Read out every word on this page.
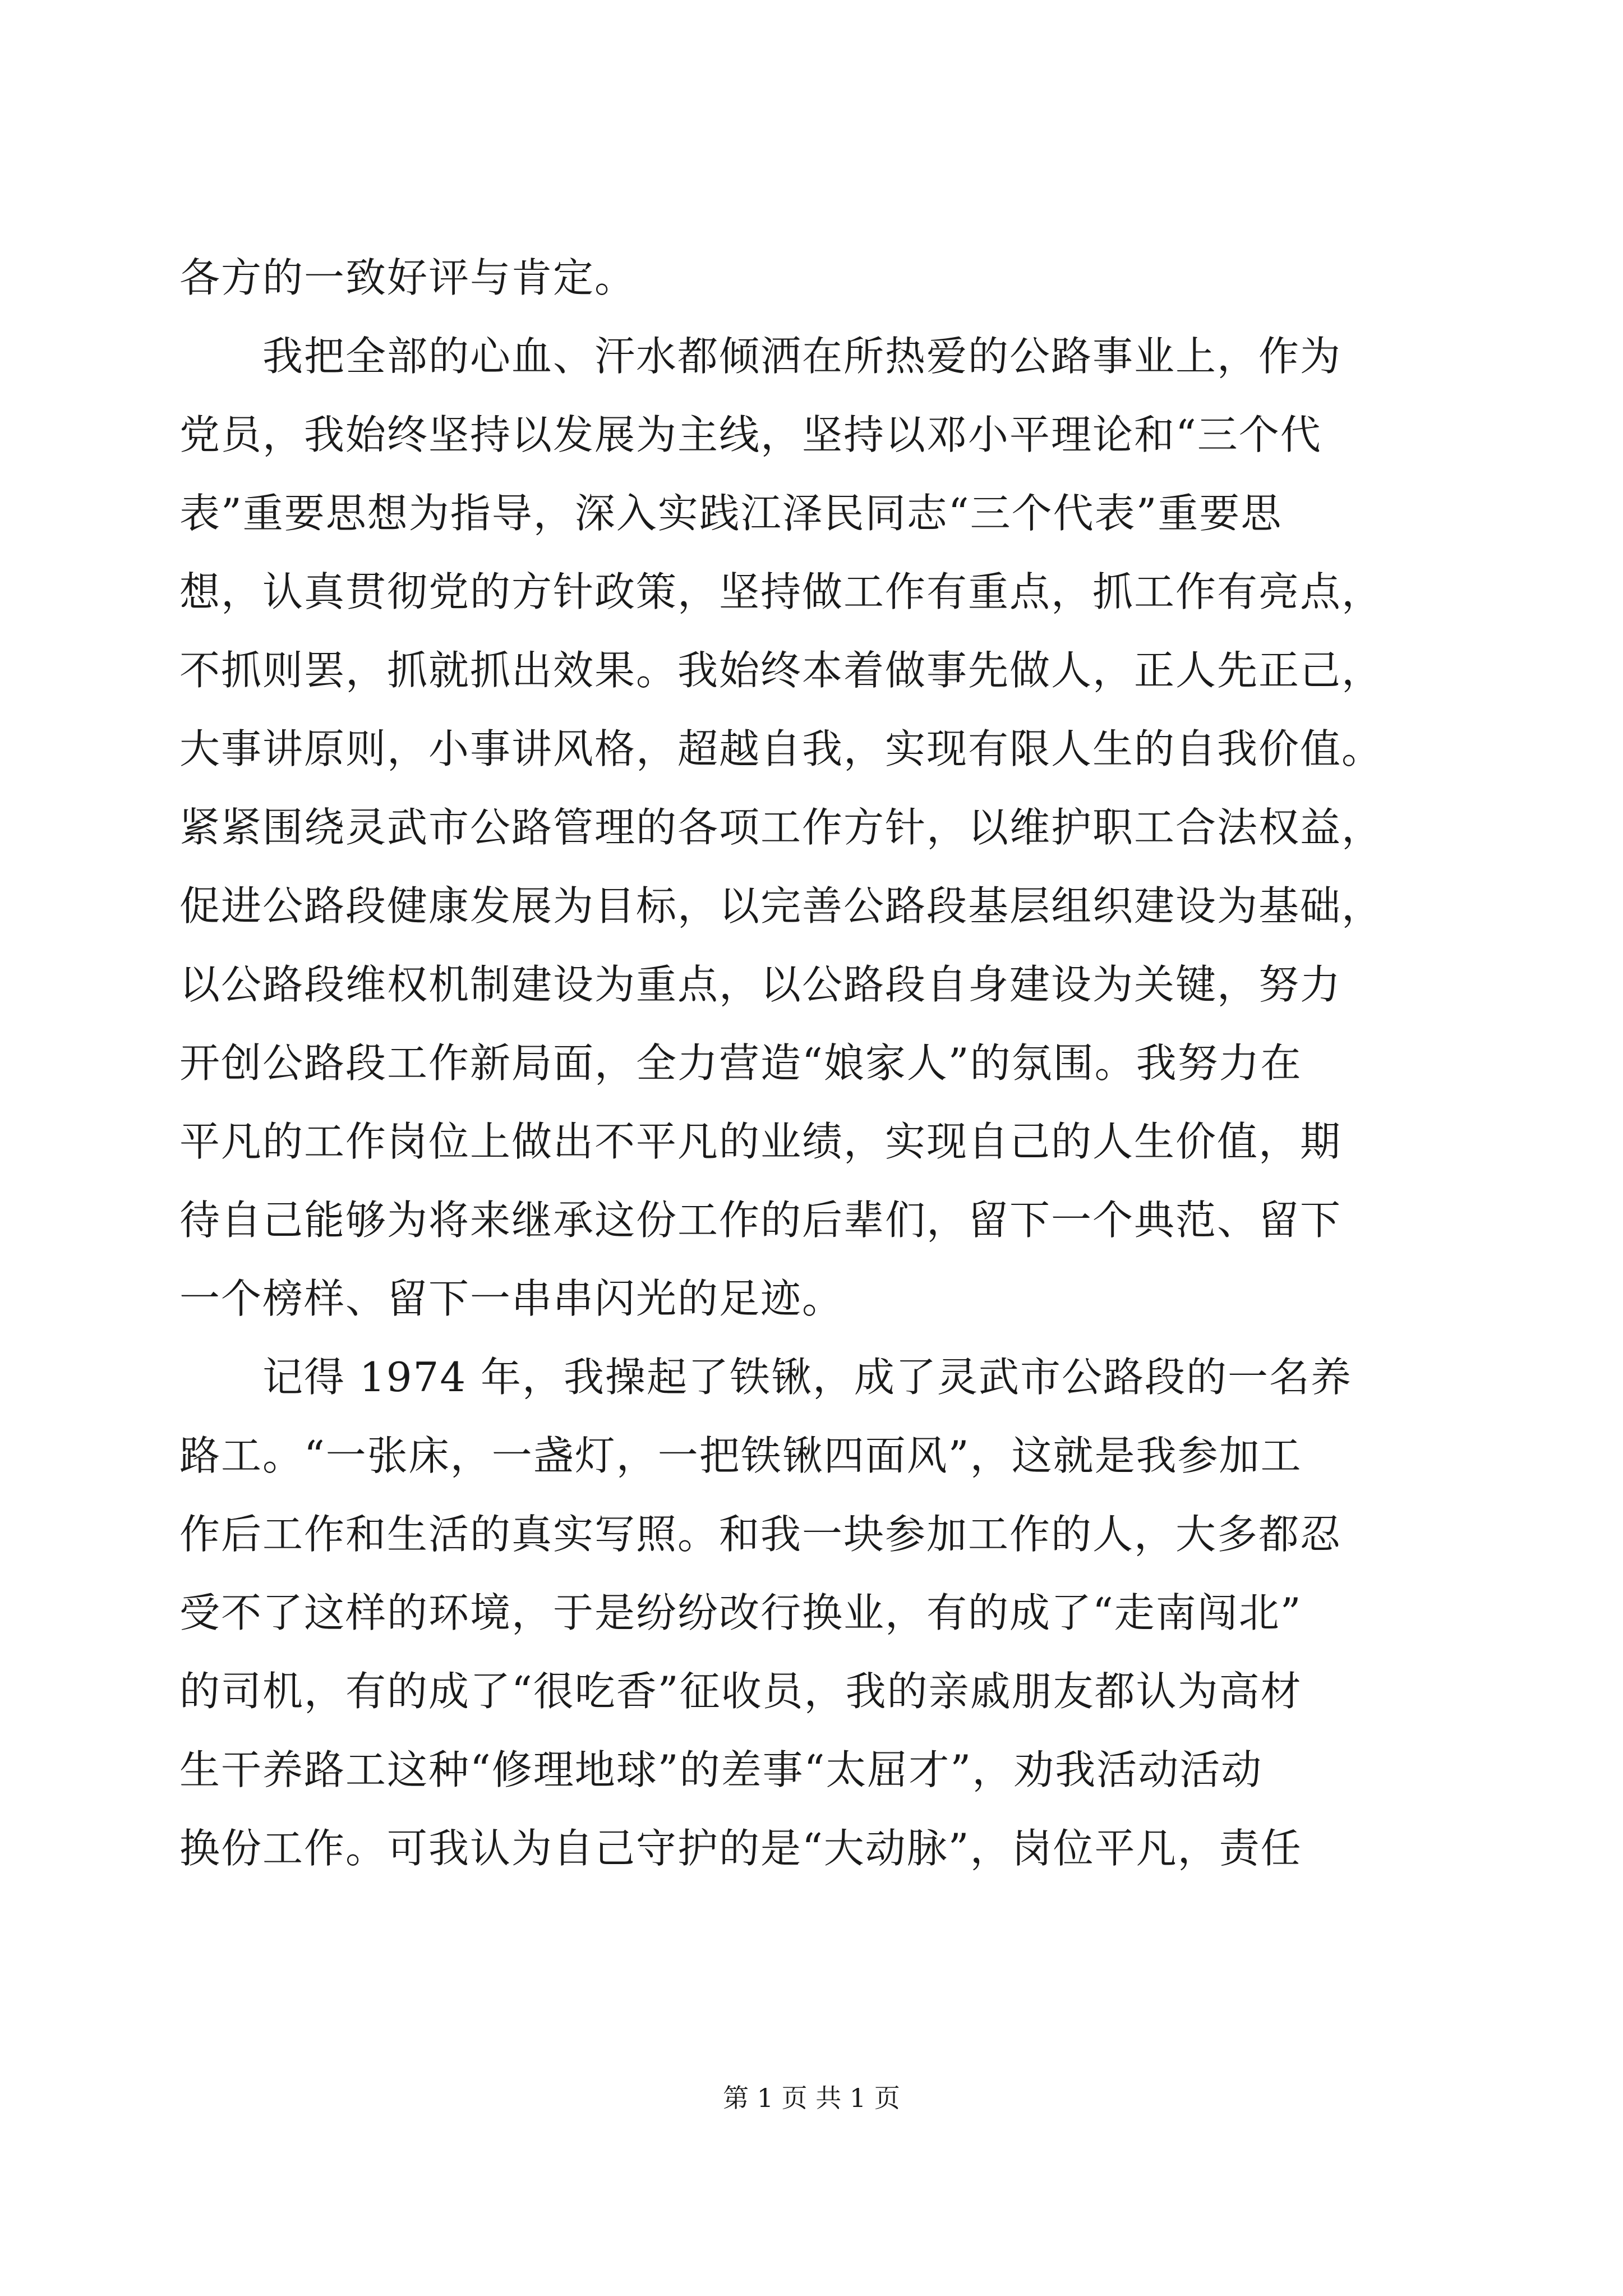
各方的一致好评与肯定。
　　我把全部的心血、汗水都倾洒在所热爱的公路事业上，作为
党员，我始终坚持以发展为主线，坚持以邓小平理论和“三个代
表”重要思想为指导，深入实践江泽民同志“三个代表”重要思
想，认真贯彻党的方针政策，坚持做工作有重点，抓工作有亮点，
不抓则罢，抓就抓出效果。我始终本着做事先做人，正人先正己，
大事讲原则，小事讲风格，超越自我，实现有限人生的自我价值。
紧紧围绕灵武市公路管理的各项工作方针，以维护职工合法权益，
促进公路段健康发展为目标，以完善公路段基层组织建设为基础，
以公路段维权机制建设为重点，以公路段自身建设为关键，努力
开创公路段工作新局面，全力营造“娘家人”的氛围。我努力在
平凡的工作岗位上做出不平凡的业绩，实现自己的人生价值，期
待自己能够为将来继承这份工作的后辈们，留下一个典范、留下
一个榜样、留下一串串闪光的足迹。
　　记得 1974 年，我操起了铁锹，成了灵武市公路段的一名养
路工。“一张床，一盏灯，一把铁锹四面风”，这就是我参加工
作后工作和生活的真实写照。和我一块参加工作的人，大多都忍
受不了这样的环境，于是纷纷改行换业，有的成了“走南闯北”
的司机，有的成了“很吃香”征收员，我的亲戚朋友都认为高材
生干养路工这种“修理地球”的差事“太屈才”，劝我活动活动
换份工作。可我认为自己守护的是“大动脉”，岗位平凡，责任
第 1 页 共 1 页
